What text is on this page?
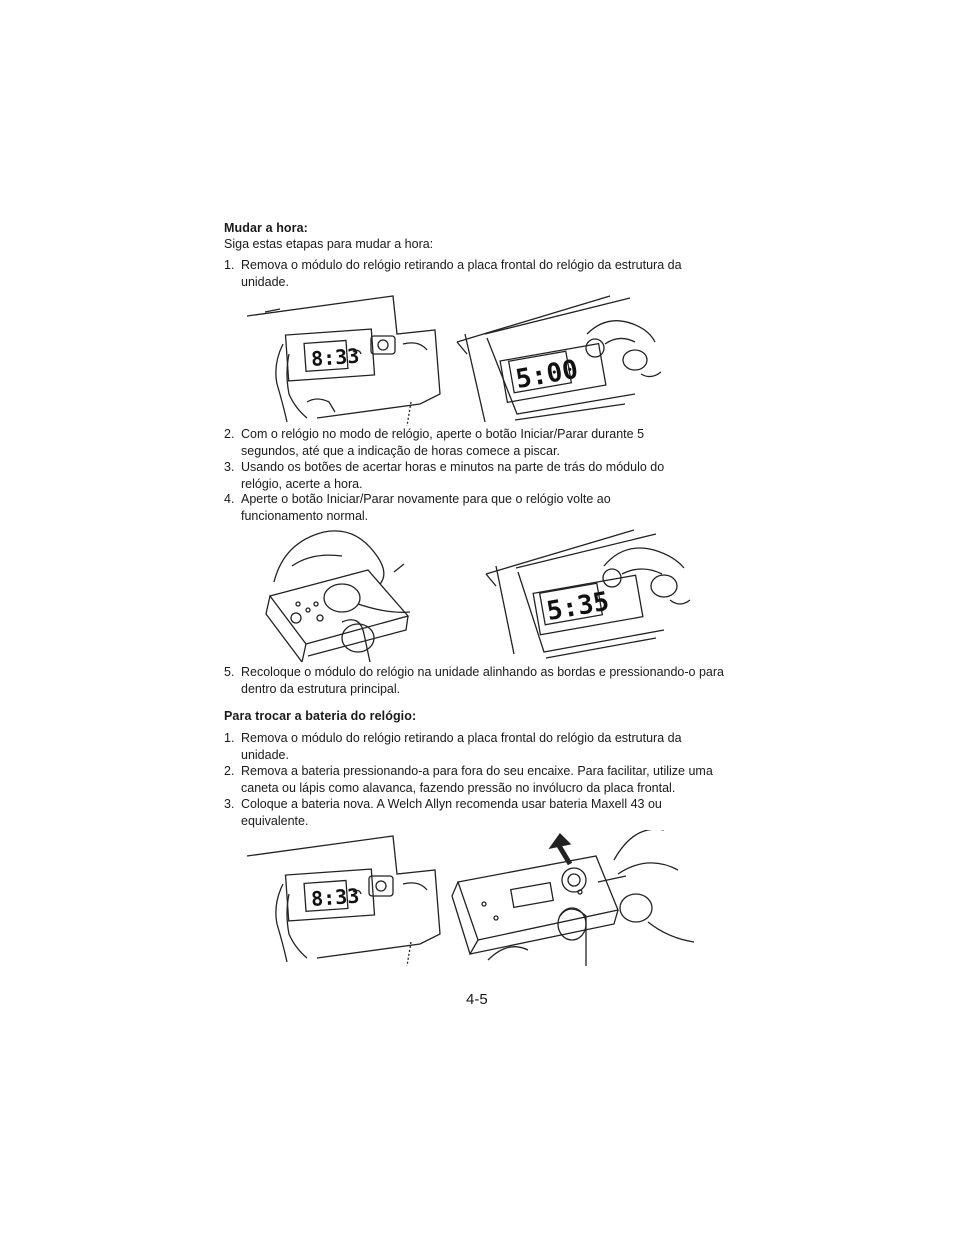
Mudar a hora:
Siga estas etapas para mudar a hora:
1. Remova o módulo do relógio retirando a placa frontal do relógio da estrutura da unidade.
8:33	5:00
2. Com o relógio no modo de relógio, aperte o botão Iniciar/Parar durante 5 segundos, até que a indicação de horas comece a piscar.
3. Usando os botões de acertar horas e minutos na parte de trás do módulo do relógio, acerte a hora.
4. Aperte o botão Iniciar/Parar novamente para que o relógio volte ao funcionamento normal.
5:35
5. Recoloque o módulo do relógio na unidade alinhando as bordas e pressionando-o para dentro da estrutura principal.
Para trocar a bateria do relógio:
1. Remova o módulo do relógio retirando a placa frontal do relógio da estrutura da unidade.
2. Remova a bateria pressionando-a para fora do seu encaixe. Para facilitar, utilize uma caneta ou lápis como alavanca, fazendo pressão no invólucro da placa frontal.
3. Coloque a bateria nova. A Welch Allyn recomenda usar bateria Maxell 43 ou equivalente.
8:33
4-5
